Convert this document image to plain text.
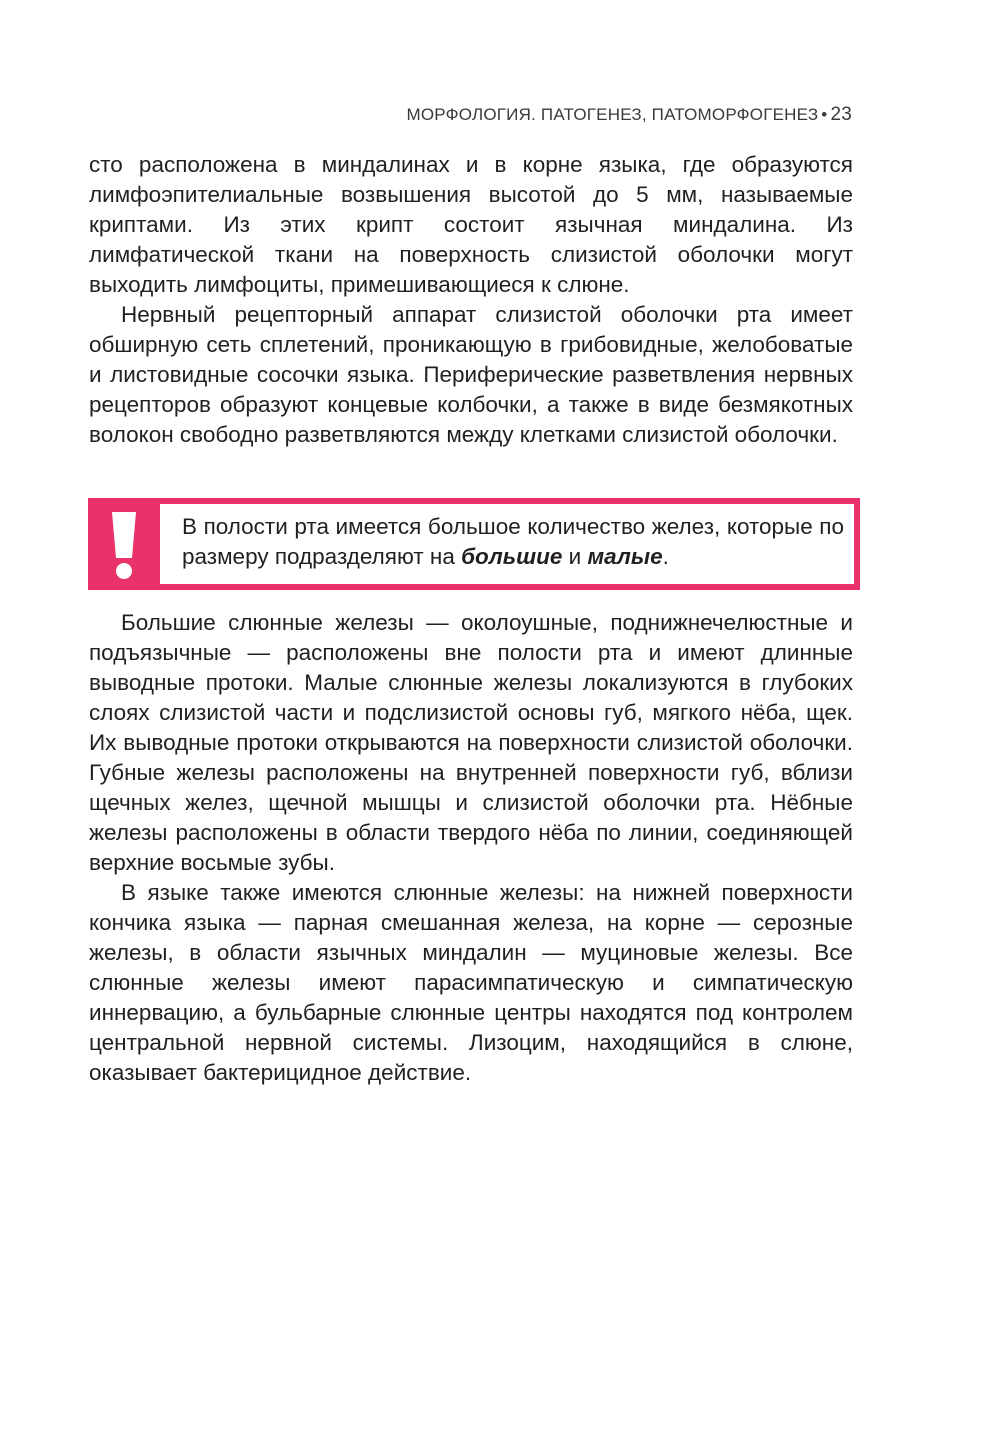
МОРФОЛОГИЯ. ПАТОГЕНЕЗ, ПАТОМОРФОГЕНЕЗ • 23

сто расположена в миндалинах и в корне языка, где образуются лимфоэпителиальные возвышения высотой до 5 мм, называемые криптами. Из этих крипт состоит язычная миндалина. Из лимфатической ткани на поверхность слизистой оболочки могут выходить лимфоциты, примешивающиеся к слюне.

Нервный рецепторный аппарат слизистой оболочки рта имеет обширную сеть сплетений, проникающую в грибовидные, желобоватые и листовидные сосочки языка. Периферические разветвления нервных рецепторов образуют концевые колбочки, а также в виде безмякотных волокон свободно разветвляются между клетками слизистой оболочки.

В полости рта имеется большое количество желез, которые по размеру подразделяют на большие и малые.

Большие слюнные железы — околоушные, поднижнечелюстные и подъязычные — расположены вне полости рта и имеют длинные выводные протоки. Малые слюнные железы локализуются в глубоких слоях слизистой части и подслизистой основы губ, мягкого нёба, щек. Их выводные протоки открываются на поверхности слизистой оболочки. Губные железы расположены на внутренней поверхности губ, вблизи щечных желез, щечной мышцы и слизистой оболочки рта. Нёбные железы расположены в области твердого нёба по линии, соединяющей верхние восьмые зубы.

В языке также имеются слюнные железы: на нижней поверхности кончика языка — парная смешанная железа, на корне — серозные железы, в области язычных миндалин — муциновые железы. Все слюнные железы имеют парасимпатическую и симпатическую иннервацию, а бульбарные слюнные центры находятся под контролем центральной нервной системы. Лизоцим, находящийся в слюне, оказывает бактерицидное действие.
